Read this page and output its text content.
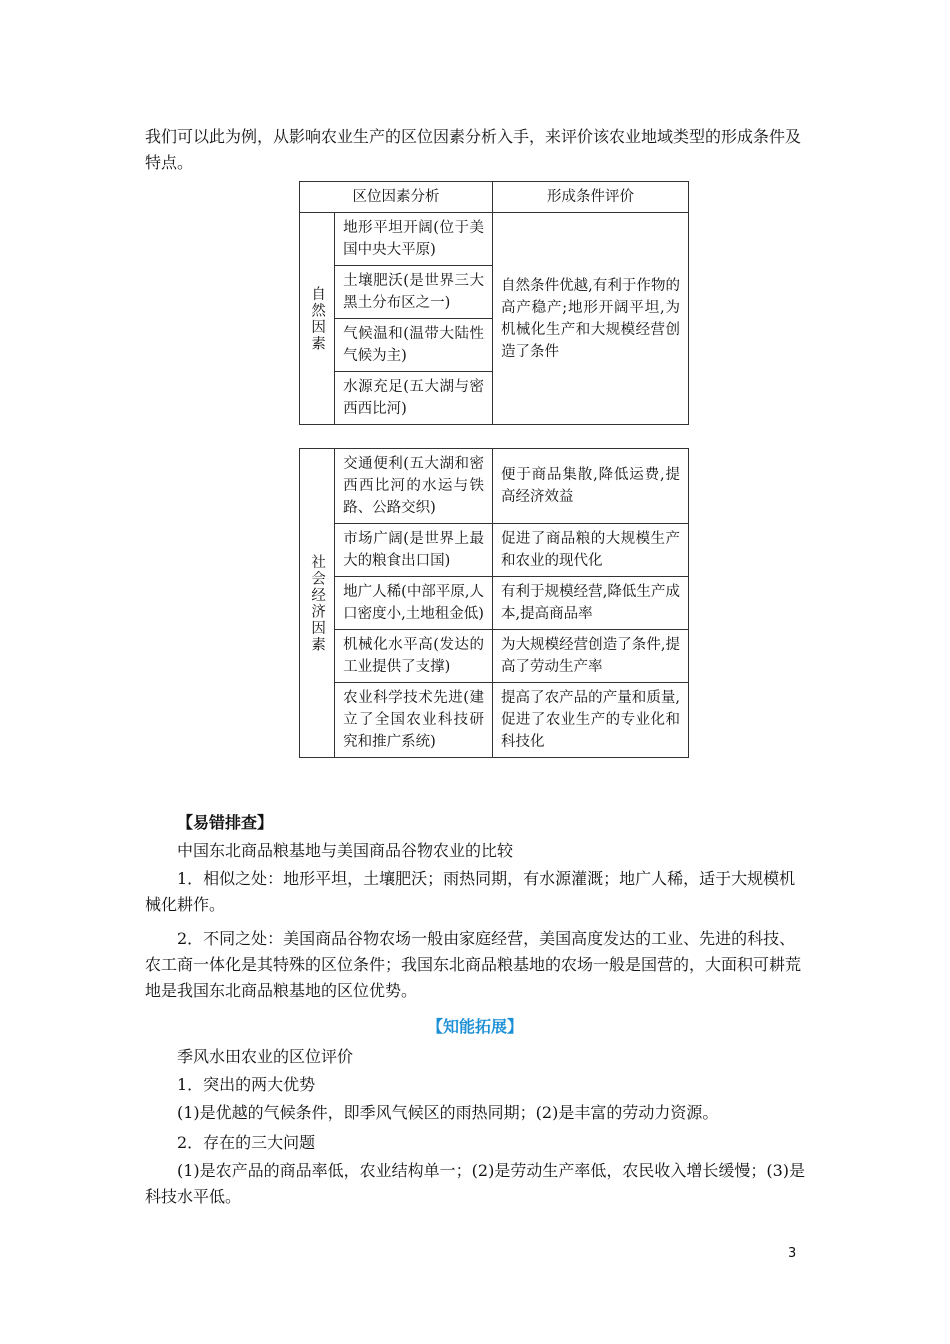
我们可以此为例，从影响农业生产的区位因素分析入手，来评价该农业地域类型的形成条件及特点。

区位因素分析		形成条件评价
自然因素	地形平坦开阔(位于美国中央大平原)	自然条件优越,有利于作物的高产稳产;地形开阔平坦,为机械化生产和大规模经营创造了条件
	土壤肥沃(是世界三大黑土分布区之一)	
	气候温和(温带大陆性气候为主)	
	水源充足(五大湖与密西西比河)	
社会经济因素	交通便利(五大湖和密西西比河的水运与铁路、公路交织)	便于商品集散,降低运费,提高经济效益
	市场广阔(是世界上最大的粮食出口国)	促进了商品粮的大规模生产和农业的现代化
	地广人稀(中部平原,人口密度小,土地租金低)	有利于规模经营,降低生产成本,提高商品率
	机械化水平高(发达的工业提供了支撑)	为大规模经营创造了条件,提高了劳动生产率
	农业科学技术先进(建立了全国农业科技研究和推广系统)	提高了农产品的产量和质量,促进了农业生产的专业化和科技化
【易错排查】
中国东北商品粮基地与美国商品谷物农业的比较

1．相似之处：地形平坦，土壤肥沃；雨热同期，有水源灌溉；地广人稀，适于大规模机械化耕作。

2．不同之处：美国商品谷物农场一般由家庭经营，美国高度发达的工业、先进的科技、农工商一体化是其特殊的区位条件；我国东北商品粮基地的农场一般是国营的，大面积可耕荒地是我国东北商品粮基地的区位优势。

【知能拓展】
季风水田农业的区位评价
1．突出的两大优势
(1)是优越的气候条件，即季风气候区的雨热同期；(2)是丰富的劳动力资源。
2．存在的三大问题

(1)是农产品的商品率低，农业结构单一；(2)是劳动生产率低，农民收入增长缓慢；(3)是科技水平低。

3
